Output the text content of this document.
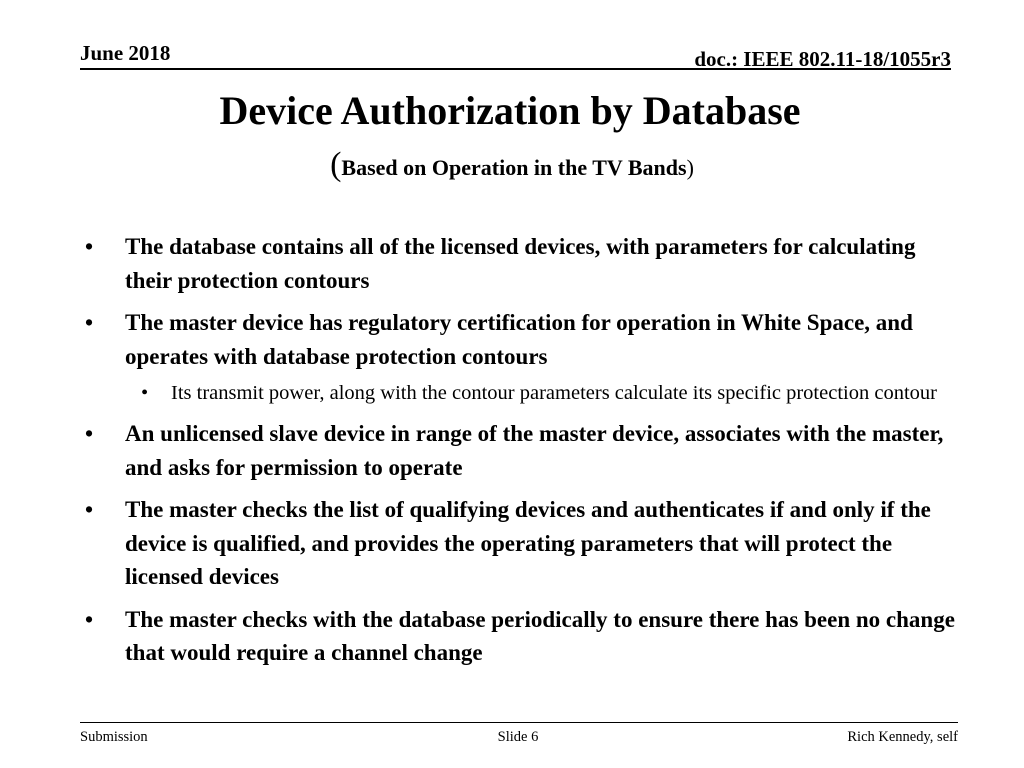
June 2018	doc.: IEEE 802.11-18/1055r3
Device Authorization by Database
(Based on Operation in the TV Bands)
• The database contains all of the licensed devices, with parameters for calculating their protection contours
• The master device has regulatory certification for operation in White Space, and operates with database protection contours
• Its transmit power, along with the contour parameters calculate its specific protection contour
• An unlicensed slave device in range of the master device, associates with the master, and asks for permission to operate
• The master checks the list of qualifying devices and authenticates if and only if the device is qualified, and provides the operating parameters that will protect the licensed devices
• The master checks with the database periodically to ensure there has been no change that would require a channel change
Submission	Slide 6	Rich Kennedy, self
